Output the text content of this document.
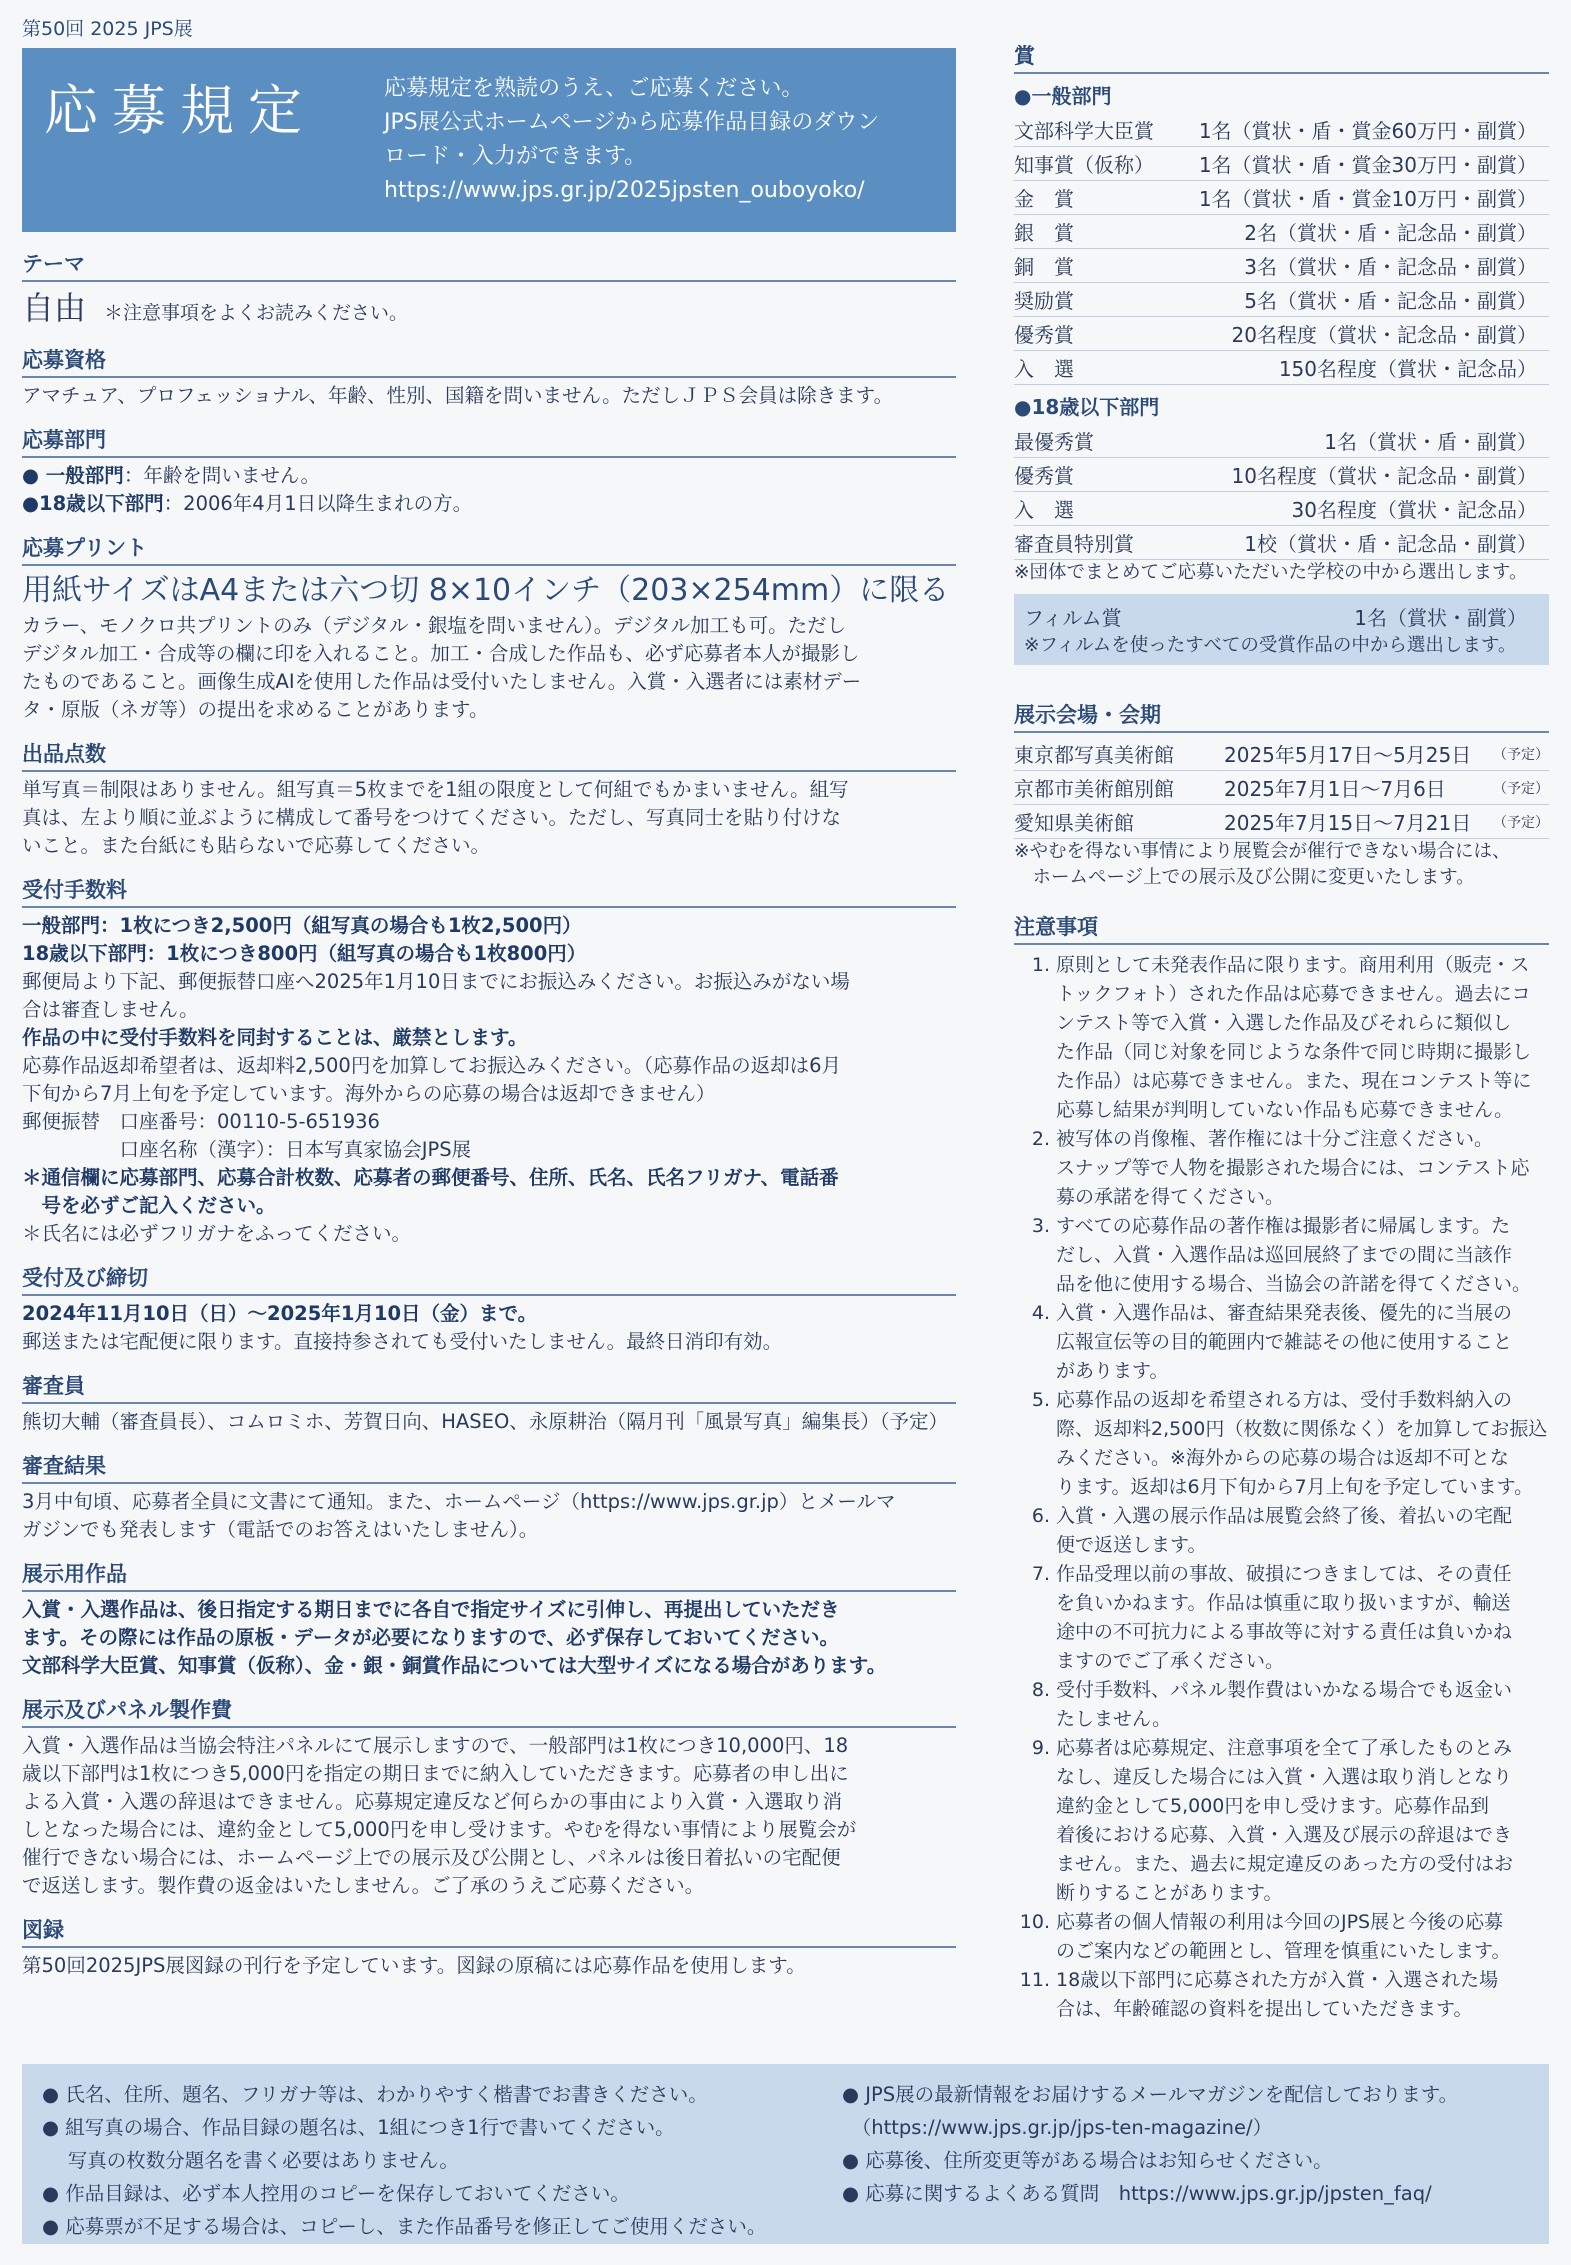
第50回 2025 JPS展
応募規定	応募規定を熟読のうえ、ご応募ください。
JPS展公式ホームページから応募作品目録のダウン
ロード・入力ができます。
https://www.jps.gr.jp/2025jpsten_ouboyoko/
テーマ
自由 ＊注意事項をよくお読みください。
応募資格
アマチュア、プロフェッショナル、年齢、性別、国籍を問いません。ただしＪＰＳ会員は除きます。
応募部門
● 一般部門：年齢を問いません。
●18歳以下部門：2006年4月1日以降生まれの方。
応募プリント
用紙サイズはA4または六つ切 8×10インチ（203×254mm）に限る
カラー、モノクロ共プリントのみ（デジタル・銀塩を問いません）。デジタル加工も可。ただし
デジタル加工・合成等の欄に印を入れること。加工・合成した作品も、必ず応募者本人が撮影し
たものであること。画像生成AIを使用した作品は受付いたしません。入賞・入選者には素材デー
タ・原版（ネガ等）の提出を求めることがあります。
出品点数
単写真＝制限はありません。組写真＝5枚までを1組の限度として何組でもかまいません。組写
真は、左より順に並ぶように構成して番号をつけてください。ただし、写真同士を貼り付けな
いこと。また台紙にも貼らないで応募してください。
受付手数料
一般部門：1枚につき2,500円（組写真の場合も1枚2,500円）
18歳以下部門：1枚につき800円（組写真の場合も1枚800円）
郵便局より下記、郵便振替口座へ2025年1月10日までにお振込みください。お振込みがない場
合は審査しません。
作品の中に受付手数料を同封することは、厳禁とします。
応募作品返却希望者は、返却料2,500円を加算してお振込みください。（応募作品の返却は6月
下旬から7月上旬を予定しています。海外からの応募の場合は返却できません）
郵便振替　口座番号：00110-5-651936
　　　　　口座名称（漢字）：日本写真家協会JPS展
＊通信欄に応募部門、応募合計枚数、応募者の郵便番号、住所、氏名、氏名フリガナ、電話番
　号を必ずご記入ください。
＊氏名には必ずフリガナをふってください。
受付及び締切
2024年11月10日（日）～2025年1月10日（金）まで。
郵送または宅配便に限ります。直接持参されても受付いたしません。最終日消印有効。
審査員
熊切大輔（審査員長）、コムロミホ、芳賀日向、HASEO、永原耕治（隔月刊「風景写真」編集長）（予定）
審査結果
3月中旬頃、応募者全員に文書にて通知。また、ホームページ（https://www.jps.gr.jp）とメールマ
ガジンでも発表します（電話でのお答えはいたしません）。
展示用作品
入賞・入選作品は、後日指定する期日までに各自で指定サイズに引伸し、再提出していただき
ます。その際には作品の原板・データが必要になりますので、必ず保存しておいてください。
文部科学大臣賞、知事賞（仮称）、金・銀・銅賞作品については大型サイズになる場合があります。
展示及びパネル製作費
入賞・入選作品は当協会特注パネルにて展示しますので、一般部門は1枚につき10,000円、18
歳以下部門は1枚につき5,000円を指定の期日までに納入していただきます。応募者の申し出に
よる入賞・入選の辞退はできません。応募規定違反など何らかの事由により入賞・入選取り消
しとなった場合には、違約金として5,000円を申し受けます。やむを得ない事情により展覧会が
催行できない場合には、ホームページ上での展示及び公開とし、パネルは後日着払いの宅配便
で返送します。製作費の返金はいたしません。ご了承のうえご応募ください。
図録
第50回2025JPS展図録の刊行を予定しています。図録の原稿には応募作品を使用します。
賞
●一般部門
文部科学大臣賞	1名（賞状・盾・賞金60万円・副賞）
知事賞（仮称）	1名（賞状・盾・賞金30万円・副賞）
金　賞	1名（賞状・盾・賞金10万円・副賞）
銀　賞	2名（賞状・盾・記念品・副賞）
銅　賞	3名（賞状・盾・記念品・副賞）
奨励賞	5名（賞状・盾・記念品・副賞）
優秀賞	20名程度（賞状・記念品・副賞）
入　選	150名程度（賞状・記念品）
●18歳以下部門
最優秀賞	1名（賞状・盾・副賞）
優秀賞	10名程度（賞状・記念品・副賞）
入　選	30名程度（賞状・記念品）
審査員特別賞	1校（賞状・盾・記念品・副賞）
※団体でまとめてご応募いただいた学校の中から選出します。
フィルム賞	1名（賞状・副賞）
※フィルムを使ったすべての受賞作品の中から選出します。
展示会場・会期
東京都写真美術館	2025年5月17日～5月25日	（予定）
京都市美術館別館	2025年7月1日～7月6日	（予定）
愛知県美術館	2025年7月15日～7月21日	（予定）
※やむを得ない事情により展覧会が催行できない場合には、
　ホームページ上での展示及び公開に変更いたします。
注意事項
1. 原則として未発表作品に限ります。商用利用（販売・ス
トックフォト）された作品は応募できません。過去にコ
ンテスト等で入賞・入選した作品及びそれらに類似し
た作品（同じ対象を同じような条件で同じ時期に撮影し
た作品）は応募できません。また、現在コンテスト等に
応募し結果が判明していない作品も応募できません。
2. 被写体の肖像権、著作権には十分ご注意ください。
スナップ等で人物を撮影された場合には、コンテスト応
募の承諾を得てください。
3. すべての応募作品の著作権は撮影者に帰属します。た
だし、入賞・入選作品は巡回展終了までの間に当該作
品を他に使用する場合、当協会の許諾を得てください。
4. 入賞・入選作品は、審査結果発表後、優先的に当展の
広報宣伝等の目的範囲内で雑誌その他に使用すること
があります。
5. 応募作品の返却を希望される方は、受付手数料納入の
際、返却料2,500円（枚数に関係なく）を加算してお振込
みください。※海外からの応募の場合は返却不可とな
ります。返却は6月下旬から7月上旬を予定しています。
6. 入賞・入選の展示作品は展覧会終了後、着払いの宅配
便で返送します。
7. 作品受理以前の事故、破損につきましては、その責任
を負いかねます。作品は慎重に取り扱いますが、輸送
途中の不可抗力による事故等に対する責任は負いかね
ますのでご了承ください。
8. 受付手数料、パネル製作費はいかなる場合でも返金い
たしません。
9. 応募者は応募規定、注意事項を全て了承したものとみ
なし、違反した場合には入賞・入選は取り消しとなり
違約金として5,000円を申し受けます。応募作品到
着後における応募、入賞・入選及び展示の辞退はでき
ません。また、過去に規定違反のあった方の受付はお
断りすることがあります。
10. 応募者の個人情報の利用は今回のJPS展と今後の応募
のご案内などの範囲とし、管理を慎重にいたします。
11. 18歳以下部門に応募された方が入賞・入選された場
合は、年齢確認の資料を提出していただきます。
● 氏名、住所、題名、フリガナ等は、わかりやすく楷書でお書きください。
● 組写真の場合、作品目録の題名は、1組につき1行で書いてください。
　 写真の枚数分題名を書く必要はありません。
● 作品目録は、必ず本人控用のコピーを保存しておいてください。
● 応募票が不足する場合は、コピーし、また作品番号を修正してご使用ください。
● JPS展の最新情報をお届けするメールマガジンを配信しております。
　（https://www.jps.gr.jp/jps-ten-magazine/）
● 応募後、住所変更等がある場合はお知らせください。
● 応募に関するよくある質問　https://www.jps.gr.jp/jpsten_faq/
